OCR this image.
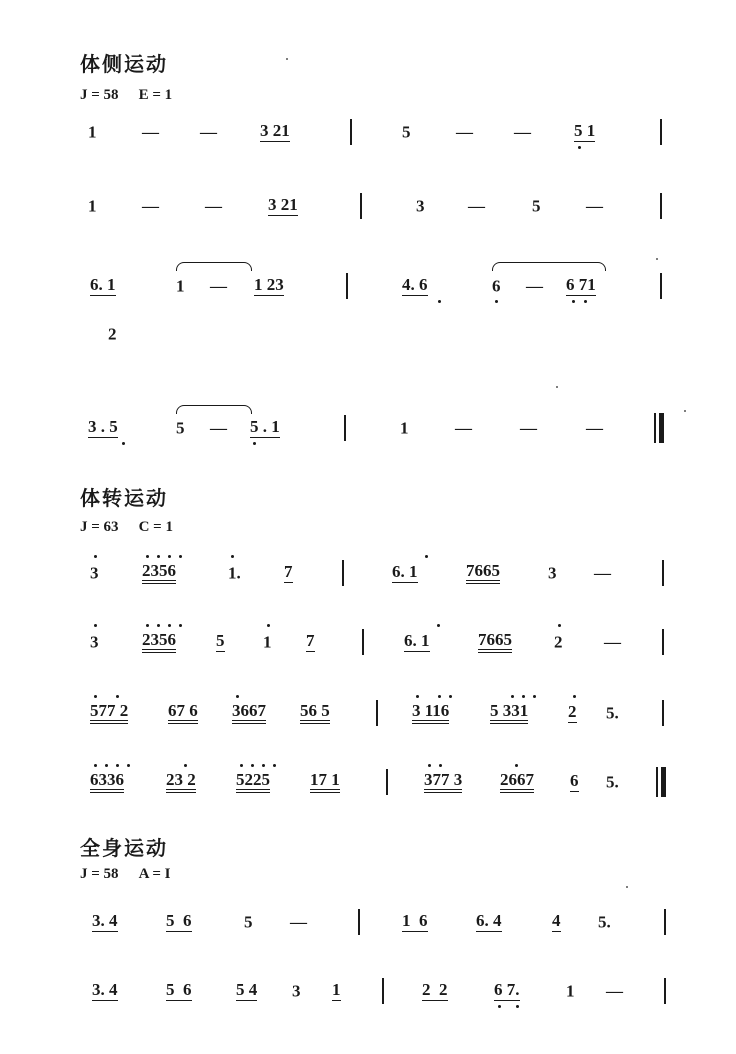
体侧运动
J = 58 E = 1
体转运动
J = 63 C = 1
全身运动
J = 58 A = I
1	— —	3 21	5	— —	5 1
1	—	—	3 21	3	—	5	—
6. 1	1 — 1 23	4. 6	6 — 6 71
2
3 . 5	5 — 5 . 1	1	—	—	—
3	2356	1.	7	6. 1	7665	3 —
3	2356 5 1 7	6. 1	7665 2 —
577 2 67 6 3667 56 5	3 116 5 331 2 5.
6336 23 2 5225 17 1	377 3 2667 6 5.
3. 4	5  6	5 —	1  6	6. 4	4 5.
3. 4	5  6	5 4 3 1	2  2	6 7.	1 —
